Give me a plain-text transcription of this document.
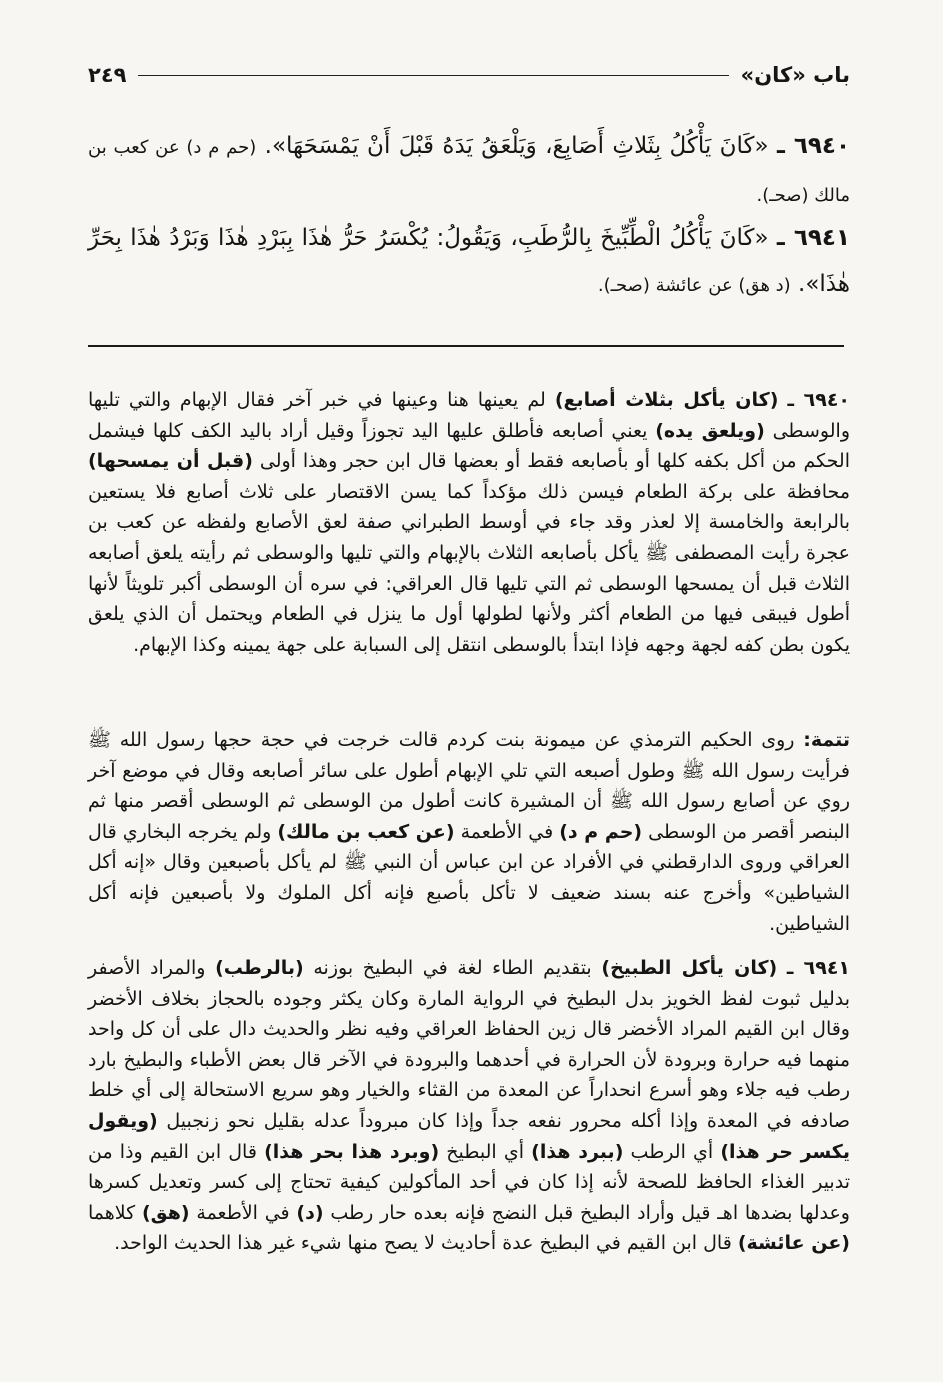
باب «كان»
٢٤٩

٦٩٤٠ ـ «كَانَ يَأْكُلُ بِثَلاثِ أَصَابِعَ، وَيَلْعَقُ يَدَهُ قَبْلَ أَنْ يَمْسَحَهَا». (حم م د) عن كعب بن مالك (صحـ).

٦٩٤١ ـ «كَانَ يَأْكُلُ الْطِّبِّيخَ بِالرُّطَبِ، وَيَقُولُ: يُكْسَرُ حَرُّ هٰذَا بِبَرْدِ هٰذَا وَبَرْدُ هٰذَا بِحَرِّ هٰذَا». (د هق) عن عائشة (صحـ).

٦٩٤٠ ـ (كان يأكل بثلاث أصابع) لم يعينها هنا وعينها في خبر آخر فقال الإبهام والتي تليها والوسطى (ويلعق يده) يعني أصابعه فأطلق عليها اليد تجوزاً وقيل أراد باليد الكف كلها فيشمل الحكم من أكل بكفه كلها أو بأصابعه فقط أو بعضها قال ابن حجر وهذا أولى (قبل أن يمسحها) محافظة على بركة الطعام فيسن ذلك مؤكداً كما يسن الاقتصار على ثلاث أصابع فلا يستعين بالرابعة والخامسة إلا لعذر وقد جاء في أوسط الطبراني صفة لعق الأصابع ولفظه عن كعب بن عجرة رأيت المصطفى ﷺ يأكل بأصابعه الثلاث بالإبهام والتي تليها والوسطى ثم رأيته يلعق أصابعه الثلاث قبل أن يمسحها الوسطى ثم التي تليها قال العراقي: في سره أن الوسطى أكبر تلويثاً لأنها أطول فيبقى فيها من الطعام أكثر ولأنها لطولها أول ما ينزل في الطعام ويحتمل أن الذي يلعق يكون بطن كفه لجهة وجهه فإذا ابتدأ بالوسطى انتقل إلى السبابة على جهة يمينه وكذا الإبهام.

تتمة: روى الحكيم الترمذي عن ميمونة بنت كردم قالت خرجت في حجة حجها رسول الله ﷺ فرأيت رسول الله ﷺ وطول أصبعه التي تلي الإبهام أطول على سائر أصابعه وقال في موضع آخر روي عن أصابع رسول الله ﷺ أن المشيرة كانت أطول من الوسطى ثم الوسطى أقصر منها ثم البنصر أقصر من الوسطى (حم م د) في الأطعمة (عن كعب بن مالك) ولم يخرجه البخاري قال العراقي وروى الدارقطني في الأفراد عن ابن عباس أن النبي ﷺ لم يأكل بأصبعين وقال «إنه أكل الشياطين» وأخرج عنه بسند ضعيف لا تأكل بأصبع فإنه أكل الملوك ولا بأصبعين فإنه أكل الشياطين.

٦٩٤١ ـ (كان يأكل الطبيخ) بتقديم الطاء لغة في البطيخ بوزنه (بالرطب) والمراد الأصفر بدليل ثبوت لفظ الخويز بدل البطيخ في الرواية المارة وكان يكثر وجوده بالحجاز بخلاف الأخضر وقال ابن القيم المراد الأخضر قال زين الحفاظ العراقي وفيه نظر والحديث دال على أن كل واحد منهما فيه حرارة وبرودة لأن الحرارة في أحدهما والبرودة في الآخر قال بعض الأطباء والبطيخ بارد رطب فيه جلاء وهو أسرع انحداراً عن المعدة من القثاء والخيار وهو سريع الاستحالة إلى أي خلط صادفه في المعدة وإذا أكله محرور نفعه جداً وإذا كان مبروداً عدله بقليل نحو زنجبيل (ويقول يكسر حر هذا) أي الرطب (ببرد هذا) أي البطيخ (وبرد هذا بحر هذا) قال ابن القيم وذا من تدبير الغذاء الحافظ للصحة لأنه إذا كان في أحد المأكولين كيفية تحتاج إلى كسر وتعديل كسرها وعدلها بضدها اهـ قيل وأراد البطيخ قبل النضج فإنه بعده حار رطب (د) في الأطعمة (هق) كلاهما (عن عائشة) قال ابن القيم في البطيخ عدة أحاديث لا يصح منها شيء غير هذا الحديث الواحد.
